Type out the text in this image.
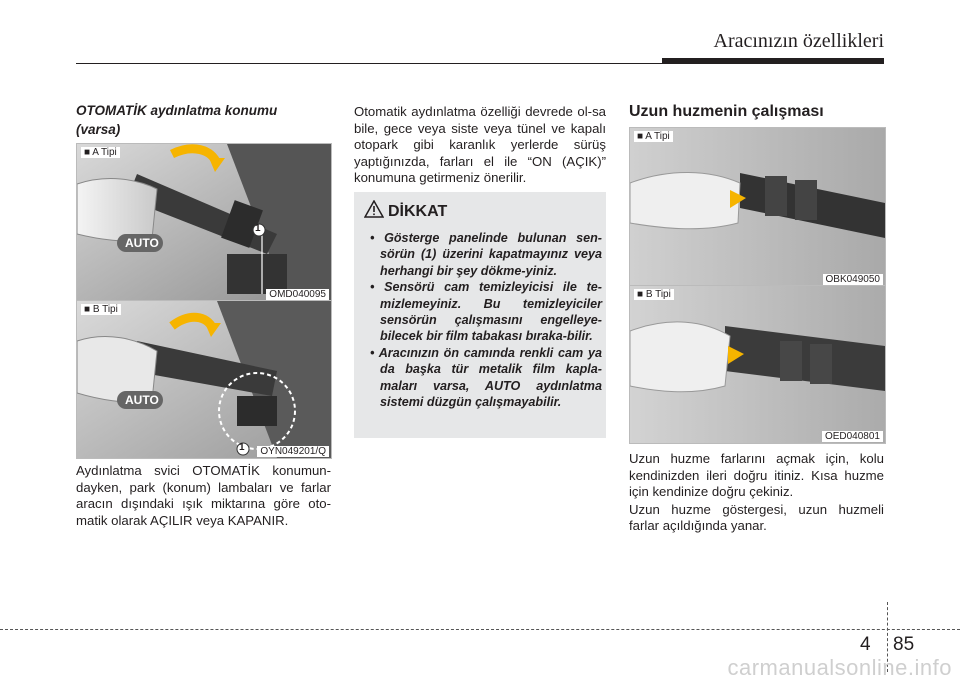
Aracınızın özellikleri

OTOMATİK aydınlatma konumu
(varsa)

■ A Tipi
AUTO
1
OMD040095
■ B Tipi
AUTO
1	OYN049201/Q

Aydınlatma svici OTOMATİK konumun-dayken, park (konum) lambaları ve farlar aracın dışındaki ışık miktarına göre oto-matik olarak AÇILIR veya KAPANIR.

Otomatik aydınlatma özelliği devrede ol-sa bile, gece veya siste veya tünel ve kapalı otopark gibi karanlık yerlerde sürüş yaptığınızda, farları el ile “ON (AÇIK)” konumuna getirmeniz önerilir.

DİKKAT
• Gösterge panelinde bulunan sen-sörün (1) üzerini kapatmayınız veya herhangi bir şey dökme-yiniz.
• Sensörü cam temizleyicisi ile te-mizlemeyiniz. Bu temizleyiciler sensörün çalışmasını engelleye-bilecek bir film tabakası bıraka-bilir.
• Aracınızın ön camında renkli cam ya da başka tür metalik film kapla-maları varsa, AUTO aydınlatma sistemi düzgün çalışmayabilir.
Uzun huzmenin çalışması
■ A Tipi
OBK049050
■ B Tipi
OED040801

Uzun huzme farlarını açmak için, kolu kendinizden ileri doğru itiniz. Kısa huzme için kendinize doğru çekiniz.

Uzun huzme göstergesi, uzun huzmeli farlar açıldığında yanar.

4 85
carmanualsonline.info
